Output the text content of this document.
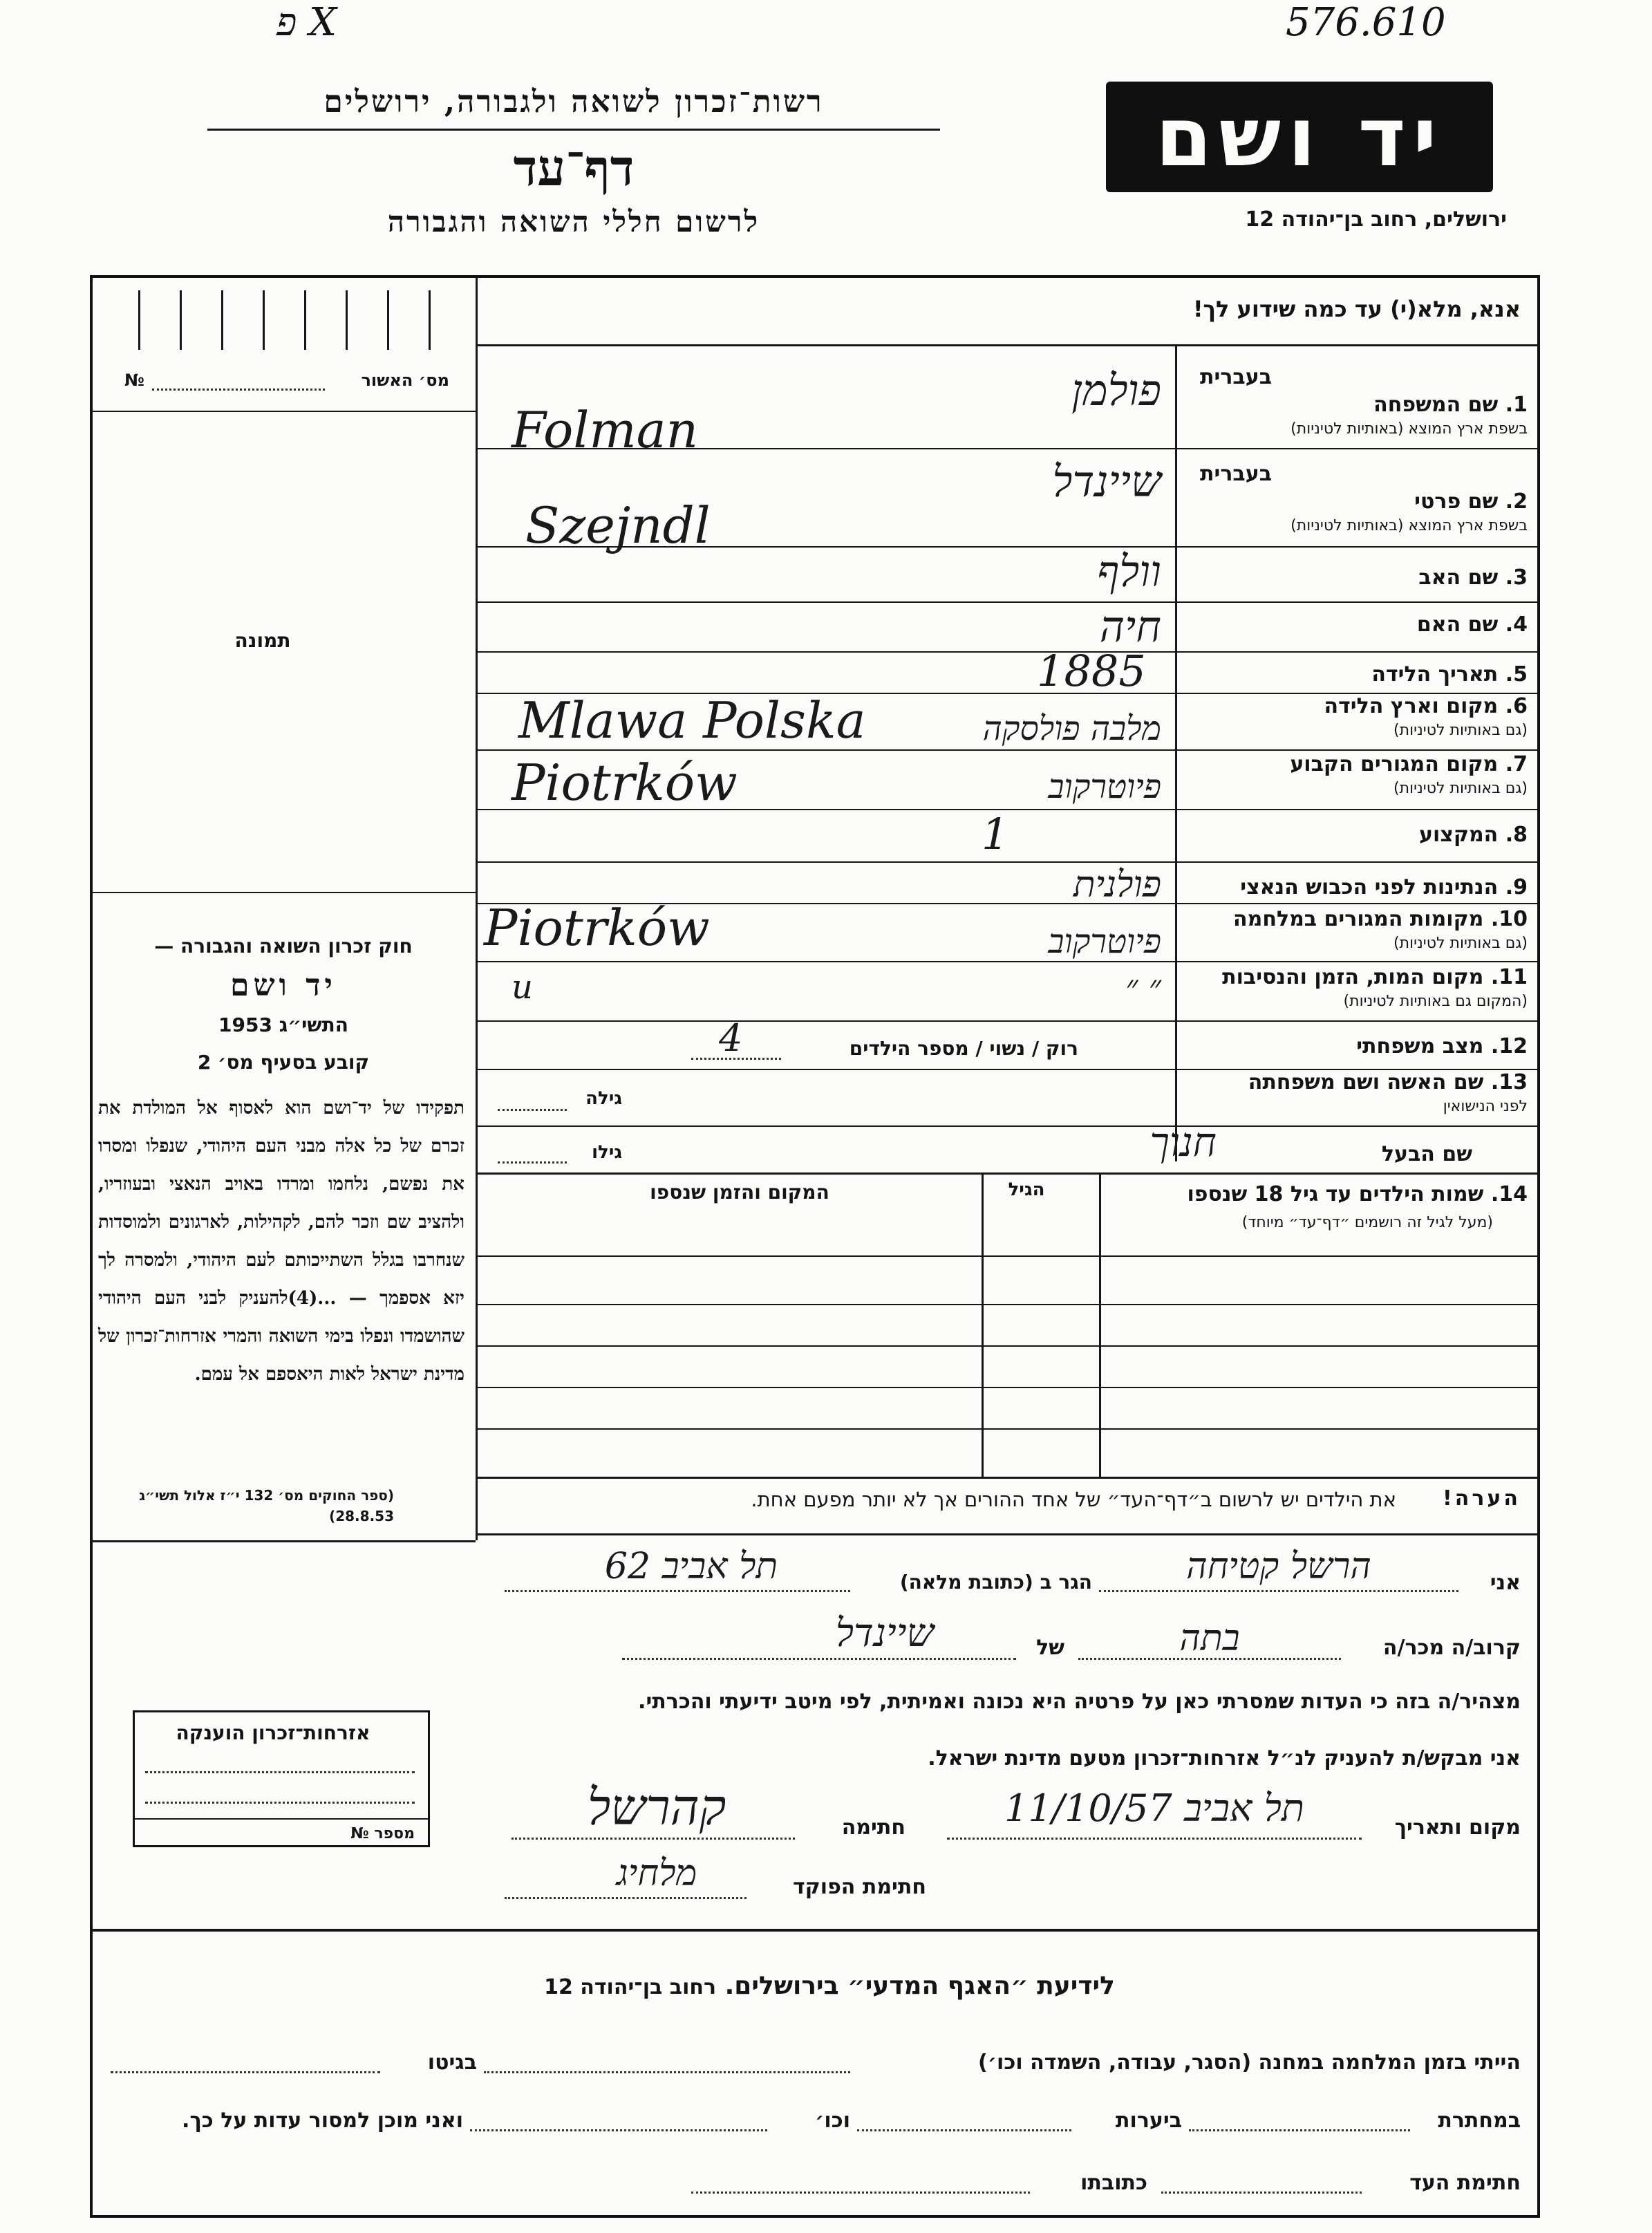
פ X	576.610
רשות־זכרון לשואה ולגבורה, ירושלים
דף־עד
לרשום חללי השואה והגבורה
יד ושם
ירושלים, רחוב בן־יהודה 12
אנא, מלא(י) עד כמה שידוע לך!
בעברית
1. שם המשפחה
בשפת ארץ המוצא (באותיות לטיניות)
פולמן
Folman
בעברית
2. שם פרטי
בשפת ארץ המוצא (באותיות לטיניות)
שיינדל
Szejndl
3. שם האב
וולף
4. שם האם
חיה
5. תאריך הלידה
1885
6. מקום וארץ הלידה
(גם באותיות לטיניות)
מלבה פולסקה
Mlawa Polska
7. מקום המגורים הקבוע
(גם באותיות לטיניות)
פיוטרקוב
Piotrków
8. המקצוע
1
9. הנתינות לפני הכבוש הנאצי
פולנית
10. מקומות המגורים במלחמה
(גם באותיות לטיניות)
פיוטרקוב
Piotrków
11. מקום המות, הזמן והנסיבות
(המקום גם באותיות לטיניות)
״ ״
u
12. מצב משפחתי
רוק / נשוי / מספר הילדים
4
13. שם האשה ושם משפחתה
לפני הנישואין
גילה
שם הבעל
חנוך
גילו
14. שמות הילדים עד גיל 18 שנספו
(מעל לגיל זה רושמים ״דף־עד״ מיוחד)
הגיל
המקום והזמן שנספו
הערה!
את הילדים יש לרשום ב״דף־העד״ של אחד ההורים אך לא יותר מפעם אחת.
מס׳ האשור
№
תמונה
חוק זכרון השואה והגבורה —
יד ושם
התשי״ג 1953
קובע בסעיף מס׳ 2
תפקידו של יד־ושם הוא לאסוף אל המולדת את זכרם של כל אלה מבני העם היהודי, שנפלו ומסרו את נפשם, נלחמו ומרדו באויב הנאצי ובעוזריו, ולהציב שם וזכר להם, לקהילות, לארגונים ולמוסדות שנחרבו בגלל השתייכותם לעם היהודי, ולמסרה לך יזא אספמך — ...(4)להעניק לבני העם היהודי שהושמדו ונפלו בימי השואה והמרי אזרחות־זכרון של מדינת ישראל לאות היאספם אל עמם.
(ספר החוקים מס׳ 132 י״ז אלול תשי״ג 28.8.53)
אזרחות־זכרון הוענקה
מספר №
אני
הרשל קטיחה
הגר ב (כתובת מלאה)
תל אביב 62
קרוב/ה מכר/ה
בתה
של
שיינדל
מצהיר/ה בזה כי העדות שמסרתי כאן על פרטיה היא נכונה ואמיתית, לפי מיטב ידיעתי והכרתי.
אני מבקש/ת להעניק לנ״ל אזרחות־זכרון מטעם מדינת ישראל.
מקום ותאריך
תל אביב 11/10/57
חתימה
קהרשל
חתימת הפוקד
מלחיג
לידיעת ״האגף המדעי״ בירושלים. רחוב בן־יהודה 12
הייתי בזמן המלחמה במחנה (הסגר, עבודה, השמדה וכו׳)
בגיטו
במחתרת
ביערות
וכו׳
ואני מוכן למסור עדות על כך.
חתימת העד
כתובתו
